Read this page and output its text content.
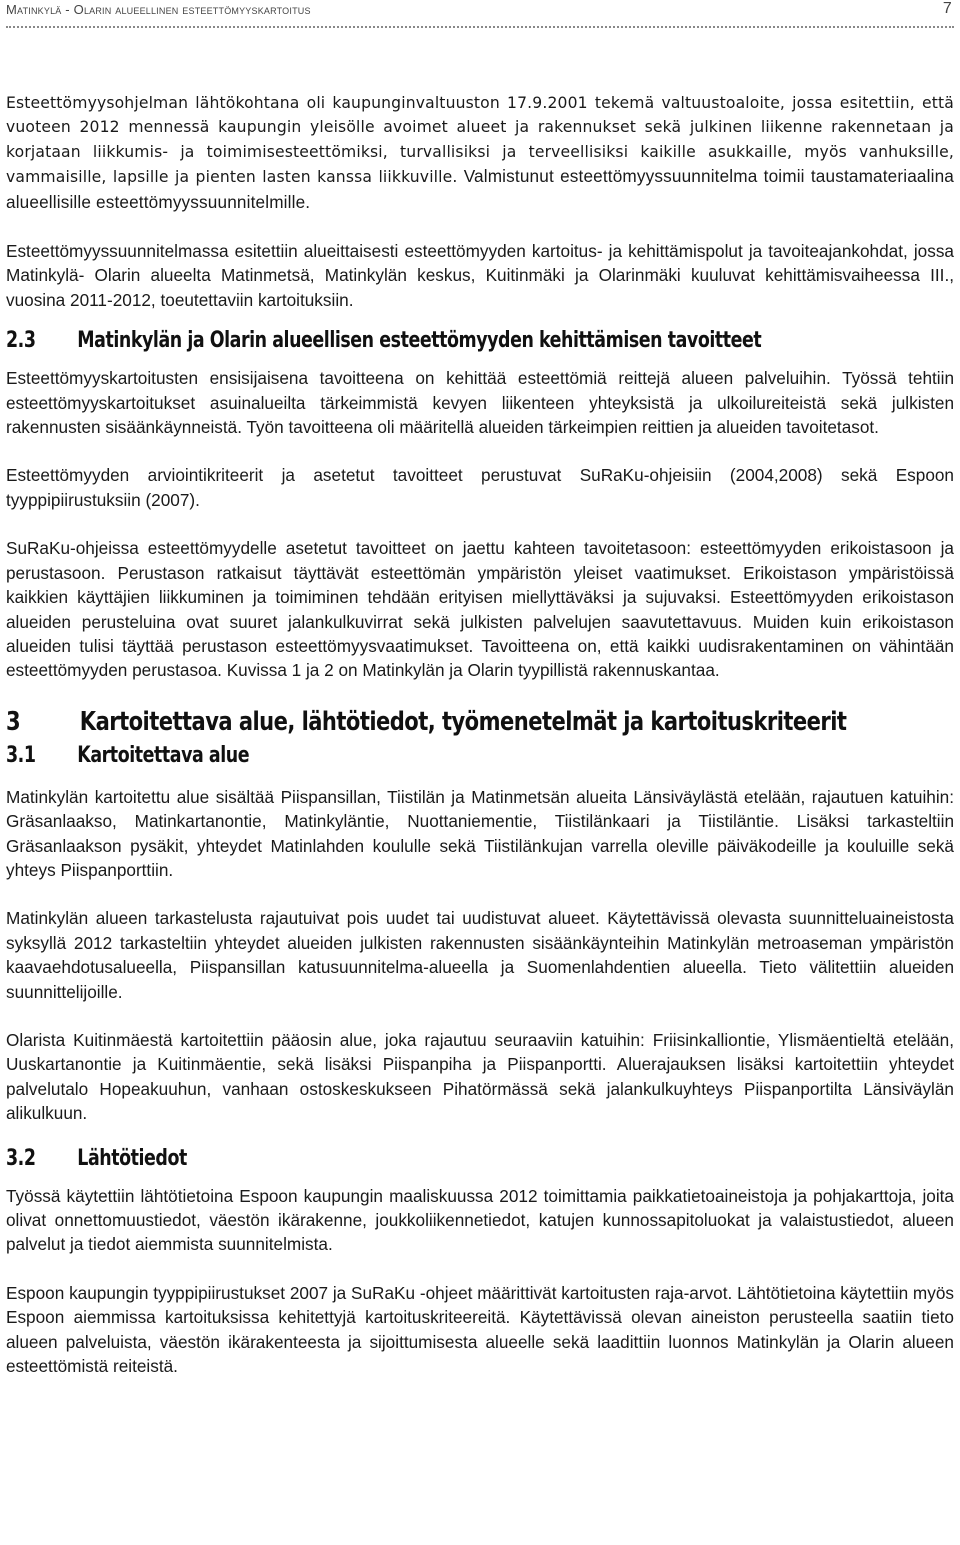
Matinkylä - Olarin alueellinen esteettömyyskartoitus	7

Esteettömyysohjelman lähtökohtana oli kaupunginvaltuuston 17.9.2001 tekemä valtuustoaloite, jossa esitettiin, että vuoteen 2012 mennessä kaupungin yleisölle avoimet alueet ja rakennukset sekä julkinen liikenne rakennetaan ja korjataan liikkumis- ja toimimisesteettömiksi, turvallisiksi ja terveellisiksi kaikille asukkaille, myös vanhuksille, vammaisille, lapsille ja pienten lasten kanssa liikkuville. Valmistunut esteettömyyssuunnitelma toimii taustamateriaalina alueellisille esteettömyyssuunnitelmille.

Esteettömyyssuunnitelmassa esitettiin alueittaisesti esteettömyyden kartoitus- ja kehittämispolut ja tavoiteajankohdat, jossa Matinkylä- Olarin alueelta Matinmetsä, Matinkylän keskus, Kuitinmäki ja Olarinmäki kuuluvat kehittämisvaiheessa III., vuosina 2011-2012, toeutettaviin kartoituksiin.

2.3	Matinkylän ja Olarin alueellisen esteettömyyden kehittämisen tavoitteet

Esteettömyyskartoitusten ensisijaisena tavoitteena on kehittää esteettömiä reittejä alueen palveluihin. Työssä tehtiin esteettömyyskartoitukset asuinalueilta tärkeimmistä kevyen liikenteen yhteyksistä ja ulkoilureiteistä sekä julkisten rakennusten sisäänkäynneistä. Työn tavoitteena oli määritellä alueiden tärkeimpien reittien ja alueiden tavoitetasot.

Esteettömyyden arviointikriteerit ja asetetut tavoitteet perustuvat SuRaKu-ohjeisiin (2004,2008) sekä Espoon tyyppipiirustuksiin (2007).

SuRaKu-ohjeissa esteettömyydelle asetetut tavoitteet on jaettu kahteen tavoitetasoon: esteettömyyden erikoistasoon ja perustasoon. Perustason ratkaisut täyttävät esteettömän ympäristön yleiset vaatimukset. Erikoistason ympäristöissä kaikkien käyttäjien liikkuminen ja toimiminen tehdään erityisen miellyttäväksi ja sujuvaksi. Esteettömyyden erikoistason alueiden perusteluina ovat suuret jalankulkuvirrat sekä julkisten palvelujen saavutettavuus. Muiden kuin erikoistason alueiden tulisi täyttää perustason esteettömyysvaatimukset. Tavoitteena on, että kaikki uudisrakentaminen on vähintään esteettömyyden perustasoa. Kuvissa 1 ja 2 on Matinkylän ja Olarin tyypillistä rakennuskantaa.

3	Kartoitettava alue, lähtötiedot, työmenetelmät ja kartoituskriteerit
3.1	Kartoitettava alue

Matinkylän kartoitettu alue sisältää Piispansillan, Tiistilän ja Matinmetsän alueita Länsiväylästä etelään, rajautuen katuihin: Gräsanlaakso, Matinkartanontie, Matinkyläntie, Nuottaniementie, Tiistilänkaari ja Tiistiläntie. Lisäksi tarkasteltiin Gräsanlaakson pysäkit, yhteydet Matinlahden koululle sekä Tiistilänkujan varrella oleville päiväkodeille ja kouluille sekä yhteys Piispanporttiin.

Matinkylän alueen tarkastelusta rajautuivat pois uudet tai uudistuvat alueet. Käytettävissä olevasta suunnitteluaineistosta syksyllä 2012 tarkasteltiin yhteydet alueiden julkisten rakennusten sisäänkäynteihin Matinkylän metroaseman ympäristön kaavaehdotusalueella, Piispansillan katusuunnitelma-alueella ja Suomenlahdentien alueella. Tieto välitettiin alueiden suunnittelijoille.

Olarista Kuitinmäestä kartoitettiin pääosin alue, joka rajautuu seuraaviin katuihin: Friisinkalliontie, Ylismäentieltä etelään, Uuskartanontie ja Kuitinmäentie, sekä lisäksi Piispanpiha ja Piispanportti. Aluerajauksen lisäksi kartoitettiin yhteydet palvelutalo Hopeakuuhun, vanhaan ostoskeskukseen Pihatörmässä sekä jalankulkuyhteys Piispanportilta Länsiväylän alikulkuun.

3.2	Lähtötiedot

Työssä käytettiin lähtötietoina Espoon kaupungin maaliskuussa 2012 toimittamia paikkatietoaineistoja ja pohjakarttoja, joita olivat onnettomuustiedot, väestön ikärakenne, joukkoliikennetiedot, katujen kunnossapitoluokat ja valaistustiedot, alueen palvelut ja tiedot aiemmista suunnitelmista.

Espoon kaupungin tyyppipiirustukset 2007 ja SuRaKu -ohjeet määrittivät kartoitusten raja-arvot. Lähtötietoina käytettiin myös Espoon aiemmissa kartoituksissa kehitettyjä kartoituskriteereitä. Käytettävissä olevan aineiston perusteella saatiin tieto alueen palveluista, väestön ikärakenteesta ja sijoittumisesta alueelle sekä laadittiin luonnos Matinkylän ja Olarin alueen esteettömistä reiteistä.
